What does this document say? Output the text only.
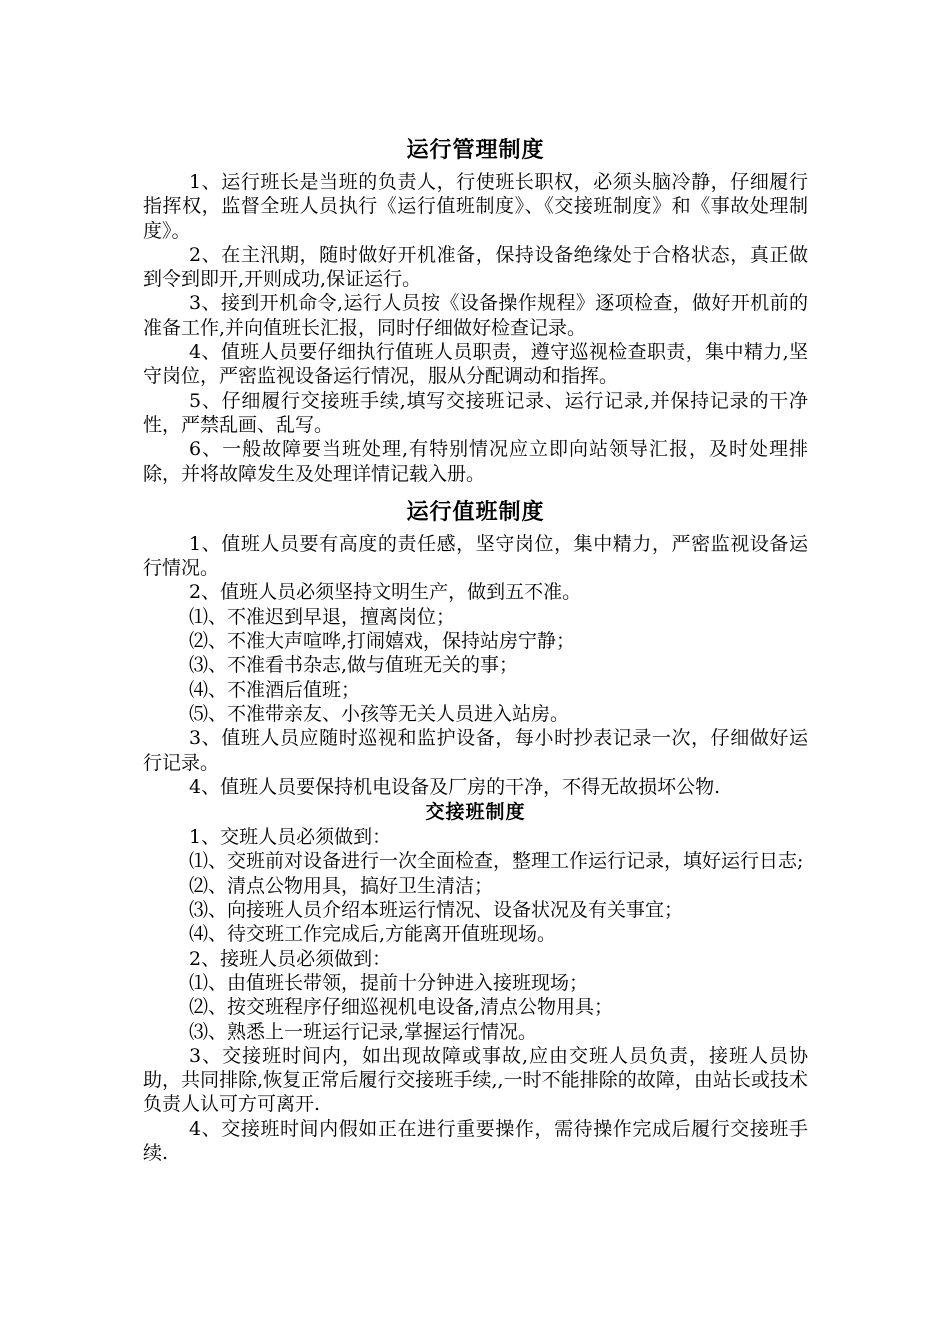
运行管理制度

1、运行班长是当班的负责人，行使班长职权，必须头脑冷静，仔细履行指挥权，监督全班人员执行《运行值班制度》、《交接班制度》和《事故处理制度》。

2、在主汛期，随时做好开机准备，保持设备绝缘处于合格状态，真正做到令到即开,开则成功,保证运行。

3、接到开机命令,运行人员按《设备操作规程》逐项检查，做好开机前的准备工作,并向值班长汇报，同时仔细做好检查记录。

4、值班人员要仔细执行值班人员职责，遵守巡视检查职责，集中精力,坚守岗位，严密监视设备运行情况，服从分配调动和指挥。

5、仔细履行交接班手续,填写交接班记录、运行记录,并保持记录的干净性，严禁乱画、乱写。

6、一般故障要当班处理,有特别情况应立即向站领导汇报，及时处理排除，并将故障发生及处理详情记载入册。

运行值班制度

1、值班人员要有高度的责任感，坚守岗位，集中精力，严密监视设备运行情况。

2、值班人员必须坚持文明生产，做到五不准。

⑴、不准迟到早退，擅离岗位；

⑵、不准大声喧哗,打闹嬉戏，保持站房宁静；

⑶、不准看书杂志,做与值班无关的事；

⑷、不准酒后值班；

⑸、不准带亲友、小孩等无关人员进入站房。

3、值班人员应随时巡视和监护设备，每小时抄表记录一次，仔细做好运行记录。

4、值班人员要保持机电设备及厂房的干净，不得无故损坏公物.

交接班制度

1、交班人员必须做到：

⑴、交班前对设备进行一次全面检查，整理工作运行记录，填好运行日志;

⑵、清点公物用具，搞好卫生清洁；

⑶、向接班人员介绍本班运行情况、设备状况及有关事宜；

⑷、待交班工作完成后,方能离开值班现场。

2、接班人员必须做到：

⑴、由值班长带领，提前十分钟进入接班现场；

⑵、按交班程序仔细巡视机电设备,清点公物用具；

⑶、熟悉上一班运行记录,掌握运行情况。

3、交接班时间内，如出现故障或事故,应由交班人员负责，接班人员协助，共同排除,恢复正常后履行交接班手续,,一时不能排除的故障，由站长或技术负责人认可方可离开.

4、交接班时间内假如正在进行重要操作，需待操作完成后履行交接班手续.
